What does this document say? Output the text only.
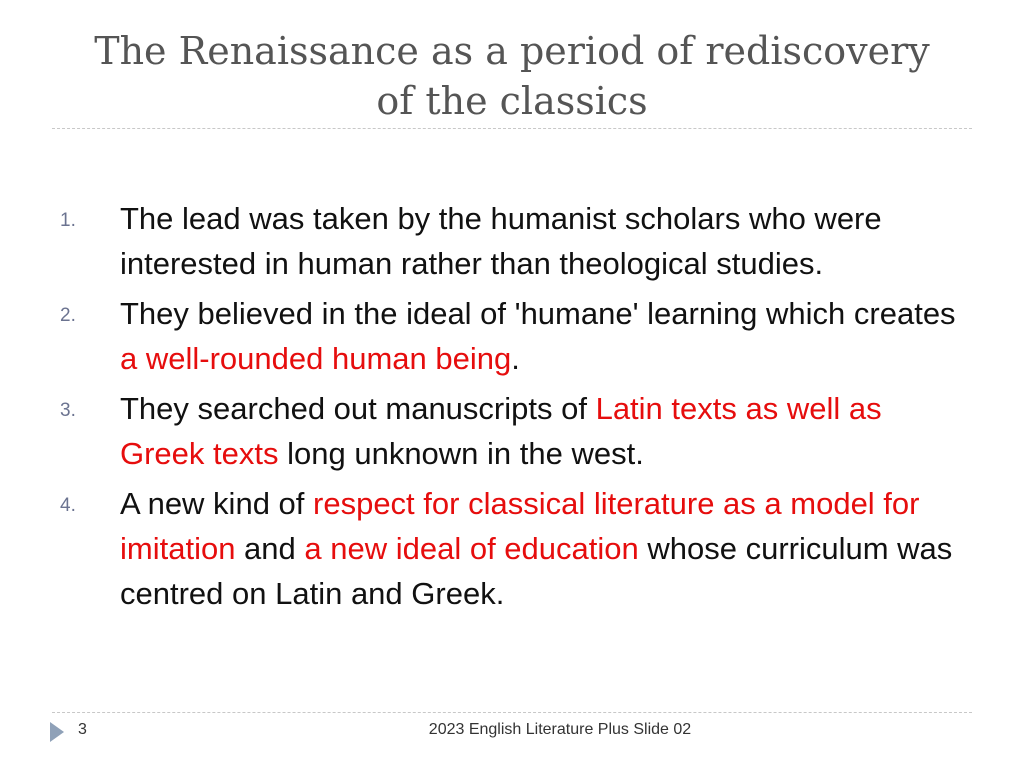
The Renaissance as a period of rediscovery
of the classics
1. The lead was taken by the humanist scholars who were interested in human rather than theological studies.
2. They believed in the ideal of 'humane' learning which creates a well-rounded human being.
3. They searched out manuscripts of Latin texts as well as Greek texts long unknown in the west.
4. A new kind of respect for classical literature as a model for imitation and a new ideal of education whose curriculum was centred on Latin and Greek.
3	2023 English Literature Plus Slide 02
